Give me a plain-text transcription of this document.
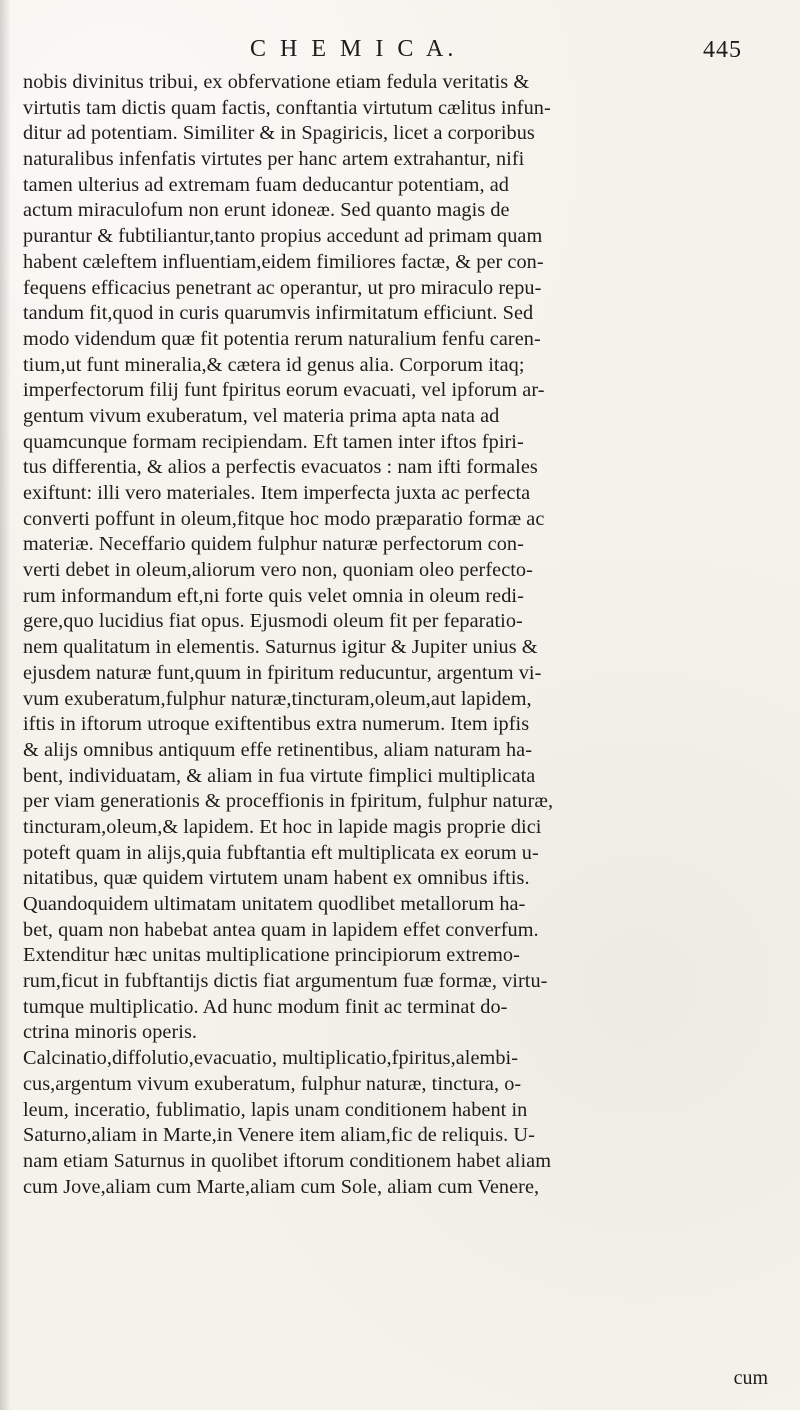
C H E M I C A.	445
nobis divinitus tribui, ex obfervatione etiam fedula veritatis &
virtutis tam dictis quam factis, conftantia virtutum cælitus infun-
ditur ad potentiam. Similiter & in Spagiricis, licet a corporibus
naturalibus infenfatis virtutes per hanc artem extrahantur, nifi
tamen ulterius ad extremam fuam deducantur potentiam, ad
actum miraculofum non erunt idoneæ. Sed quanto magis de
purantur & fubtiliantur,tanto propius accedunt ad primam quam
habent cæleftem influentiam,eidem fimiliores factæ, & per con-
fequens efficacius penetrant ac operantur, ut pro miraculo repu-
tandum fit,quod in curis quarumvis infirmitatum efficiunt. Sed
modo videndum quæ fit potentia rerum naturalium fenfu caren-
tium,ut funt mineralia,& cætera id genus alia. Corporum itaq;
imperfectorum filij funt fpiritus eorum evacuati, vel ipforum ar-
gentum vivum exuberatum, vel materia prima apta nata ad
quamcunque formam recipiendam. Eft tamen inter iftos fpiri-
tus differentia, & alios a perfectis evacuatos : nam ifti formales
exiftunt: illi vero materiales. Item imperfecta juxta ac perfecta
converti poffunt in oleum,fitque hoc modo præparatio formæ ac
materiæ. Neceffario quidem fulphur naturæ perfectorum con-
verti debet in oleum,aliorum vero non, quoniam oleo perfecto-
rum informandum eft,ni forte quis velet omnia in oleum redi-
gere,quo lucidius fiat opus. Ejusmodi oleum fit per feparatio-
nem qualitatum in elementis. Saturnus igitur & Jupiter unius &
ejusdem naturæ funt,quum in fpiritum reducuntur, argentum vi-
vum exuberatum,fulphur naturæ,tincturam,oleum,aut lapidem,
iftis in iftorum utroque exiftentibus extra numerum. Item ipfis
& alijs omnibus antiquum effe retinentibus, aliam naturam ha-
bent, individuatam, & aliam in fua virtute fimplici multiplicata
per viam generationis & proceffionis in fpiritum, fulphur naturæ,
tincturam,oleum,& lapidem. Et hoc in lapide magis proprie dici
poteft quam in alijs,quia fubftantia eft multiplicata ex eorum u-
nitatibus, quæ quidem virtutem unam habent ex omnibus iftis.
Quandoquidem ultimatam unitatem quodlibet metallorum ha-
bet, quam non habebat antea quam in lapidem effet converfum.
Extenditur hæc unitas multiplicatione principiorum extremo-
rum,ficut in fubftantijs dictis fiat argumentum fuæ formæ, virtu-
tumque multiplicatio. Ad hunc modum finit ac terminat do-
ctrina minoris operis.
Calcinatio,diffolutio,evacuatio, multiplicatio,fpiritus,alembi-
cus,argentum vivum exuberatum, fulphur naturæ, tinctura, o-
leum, inceratio, fublimatio, lapis unam conditionem habent in
Saturno,aliam in Marte,in Venere item aliam,fic de reliquis. U-
nam etiam Saturnus in quolibet iftorum conditionem habet aliam
cum Jove,aliam cum Marte,aliam cum Sole, aliam cum Venere,
cum
